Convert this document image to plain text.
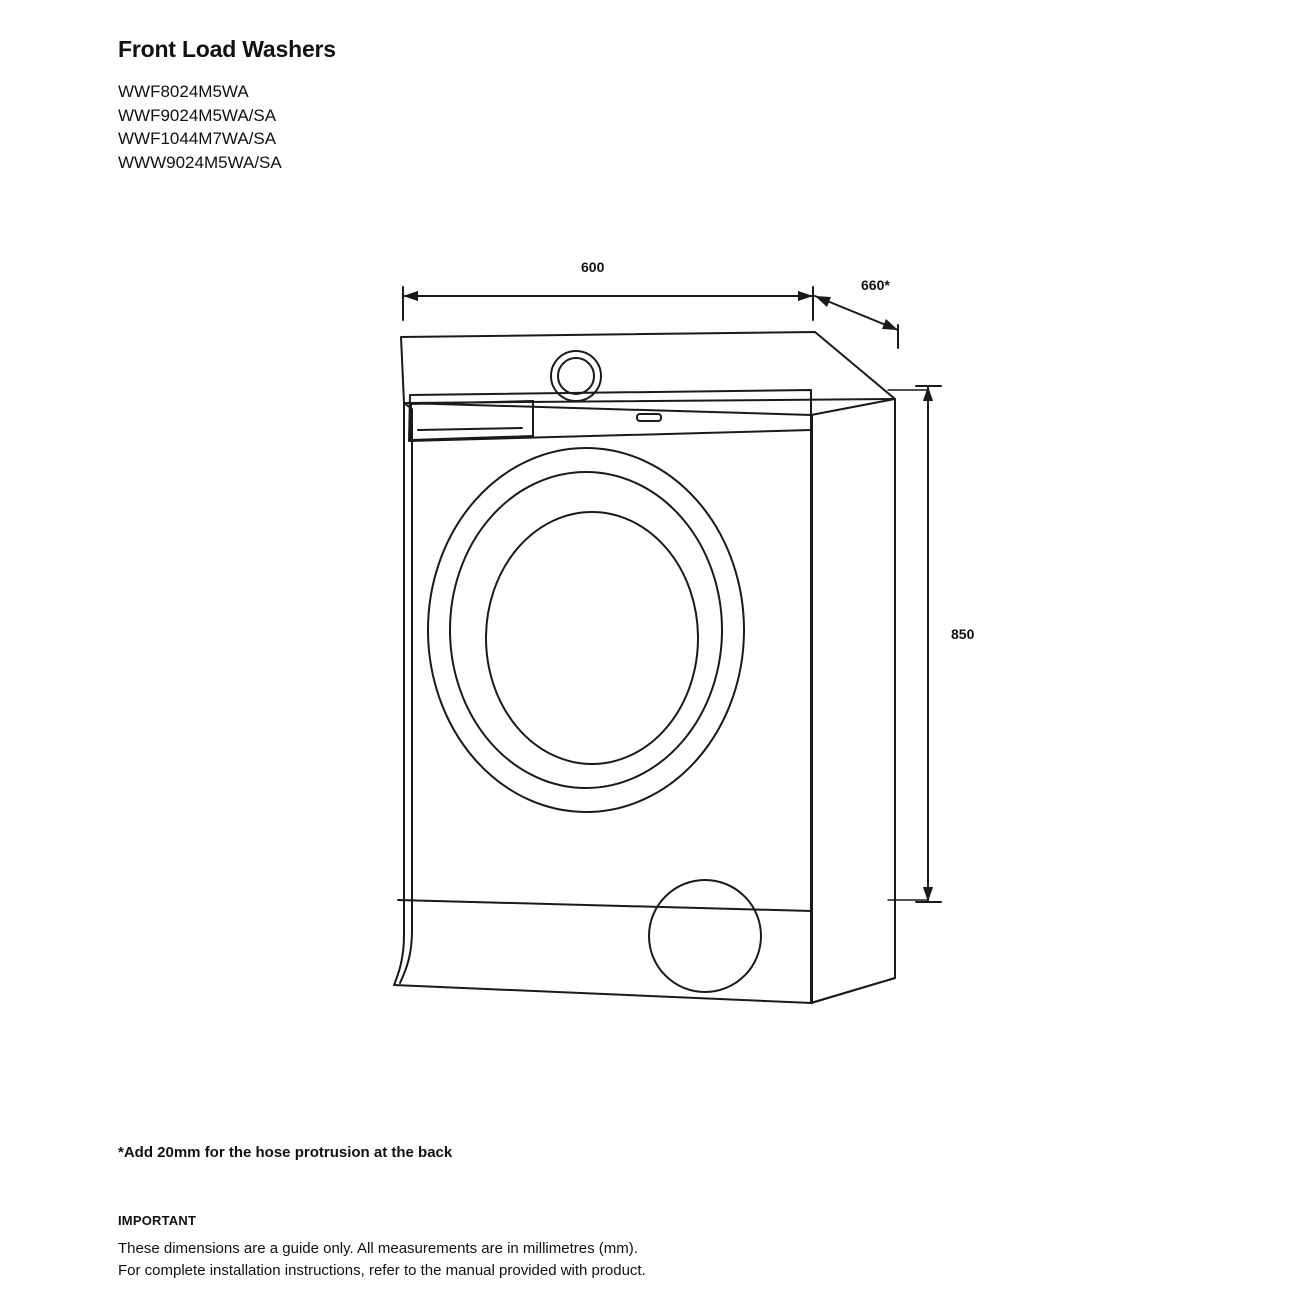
Front Load Washers
WWF8024M5WA
WWF9024M5WA/SA
WWF1044M7WA/SA
WWW9024M5WA/SA
600
660*
850
*Add 20mm for the hose protrusion at the back
IMPORTANT
These dimensions are a guide only. All measurements are in millimetres (mm).
For complete installation instructions, refer to the manual provided with product.
